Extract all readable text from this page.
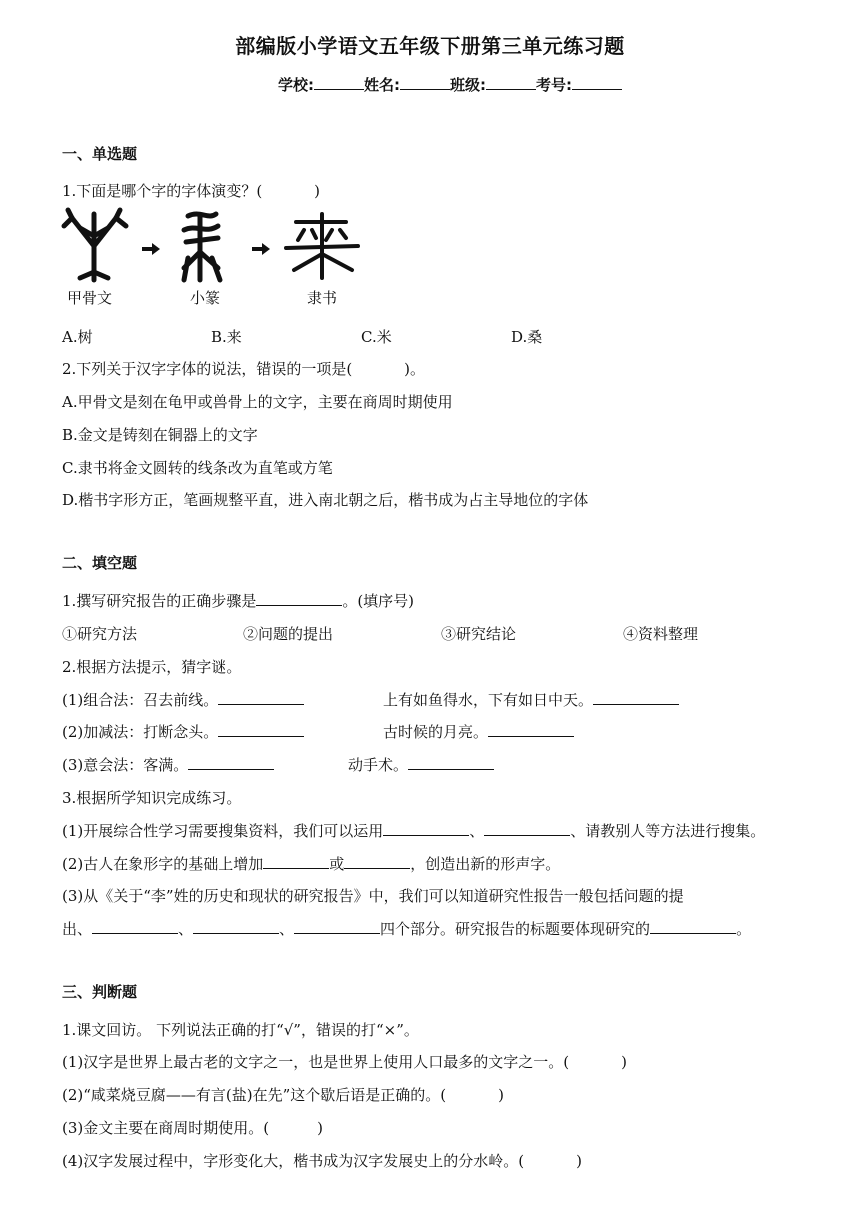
部编版小学语文五年级下册第三单元练习题
学校:	姓名:	班级:	考号:
一、单选题
1.下面是哪个字的字体演变？(	)
甲骨文	小篆	隶书
A.树	B.来	C.米	D.桑
2.下列关于汉字字体的说法，错误的一项是(	)。
A.甲骨文是刻在龟甲或兽骨上的文字，主要在商周时期使用
B.金文是铸刻在铜器上的文字
C.隶书将金文圆转的线条改为直笔或方笔
D.楷书字形方正，笔画规整平直，进入南北朝之后，楷书成为占主导地位的字体
二、填空题
1.撰写研究报告的正确步骤是	。(填序号)
①研究方法	②问题的提出	③研究结论	④资料整理
2.根据方法提示，猜字谜。
(1)组合法：召去前线。	上有如鱼得水，下有如日中天。
(2)加减法：打断念头。	古时候的月亮。
(3)意会法：客满。	动手术。
3.根据所学知识完成练习。
(1)开展综合性学习需要搜集资料，我们可以运用	、	、请教别人等方法进行搜集。
(2)古人在象形字的基础上增加	或	，创造出新的形声字。
(3)从《关于“李”姓的历史和现状的研究报告》中，我们可以知道研究性报告一般包括问题的提
出、	、	、	四个部分。研究报告的标题要体现研究的	。
三、判断题
1.课文回访。 下列说法正确的打“√”，错误的打“×”。
(1)汉字是世界上最古老的文字之一，也是世界上使用人口最多的文字之一。(	)
(2)“咸菜烧豆腐——有言(盐)在先”这个歇后语是正确的。(	)
(3)金文主要在商周时期使用。(	)
(4)汉字发展过程中，字形变化大，楷书成为汉字发展史上的分水岭。(	)
